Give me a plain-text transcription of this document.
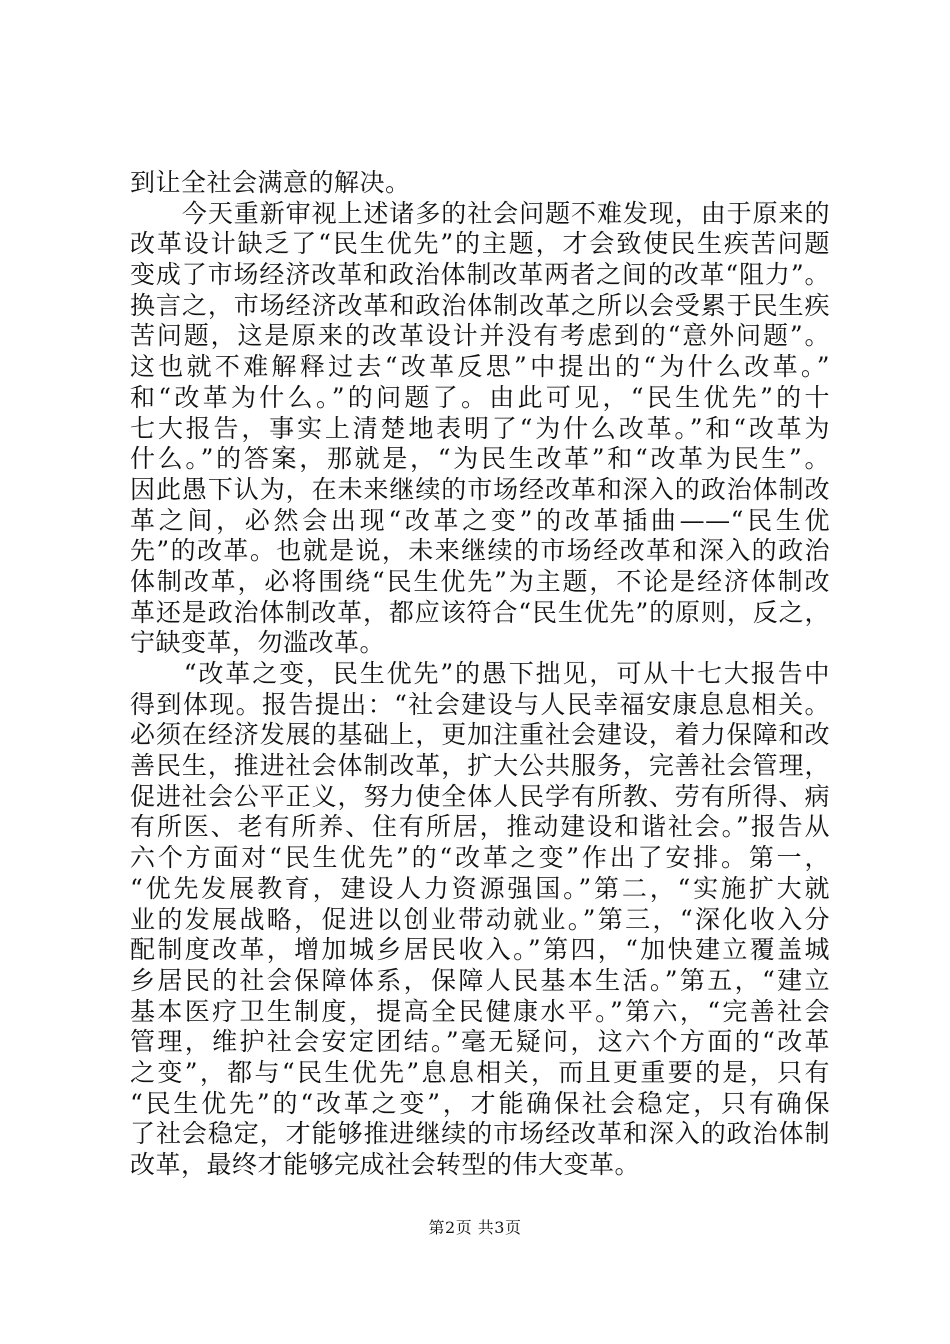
到让全社会满意的解决。
　　今天重新审视上述诸多的社会问题不难发现，由于原来的
改革设计缺乏了“民生优先”的主题，才会致使民生疾苦问题
变成了市场经济改革和政治体制改革两者之间的改革“阻力”。
换言之，市场经济改革和政治体制改革之所以会受累于民生疾
苦问题，这是原来的改革设计并没有考虑到的“意外问题”。
这也就不难解释过去“改革反思”中提出的“为什么改革。”
和“改革为什么。”的问题了。由此可见，“民生优先”的十
七大报告，事实上清楚地表明了“为什么改革。”和“改革为
什么。”的答案，那就是，“为民生改革”和“改革为民生”。
因此愚下认为，在未来继续的市场经改革和深入的政治体制改
革之间，必然会出现“改革之变”的改革插曲——“民生优
先”的改革。也就是说，未来继续的市场经改革和深入的政治
体制改革，必将围绕“民生优先”为主题，不论是经济体制改
革还是政治体制改革，都应该符合“民生优先”的原则，反之，
宁缺变革，勿滥改革。
　　“改革之变，民生优先”的愚下拙见，可从十七大报告中
得到体现。报告提出：“社会建设与人民幸福安康息息相关。
必须在经济发展的基础上，更加注重社会建设，着力保障和改
善民生，推进社会体制改革，扩大公共服务，完善社会管理，
促进社会公平正义，努力使全体人民学有所教、劳有所得、病
有所医、老有所养、住有所居，推动建设和谐社会。”报告从
六个方面对“民生优先”的“改革之变”作出了安排。第一，
“优先发展教育，建设人力资源强国。”第二，“实施扩大就
业的发展战略，促进以创业带动就业。”第三，“深化收入分
配制度改革，增加城乡居民收入。”第四，“加快建立覆盖城
乡居民的社会保障体系，保障人民基本生活。”第五，“建立
基本医疗卫生制度，提高全民健康水平。”第六，“完善社会
管理，维护社会安定团结。”毫无疑问，这六个方面的“改革
之变”，都与“民生优先”息息相关，而且更重要的是，只有
“民生优先”的“改革之变”，才能确保社会稳定，只有确保
了社会稳定，才能够推进继续的市场经改革和深入的政治体制
改革，最终才能够完成社会转型的伟大变革。
第2页 共3页
